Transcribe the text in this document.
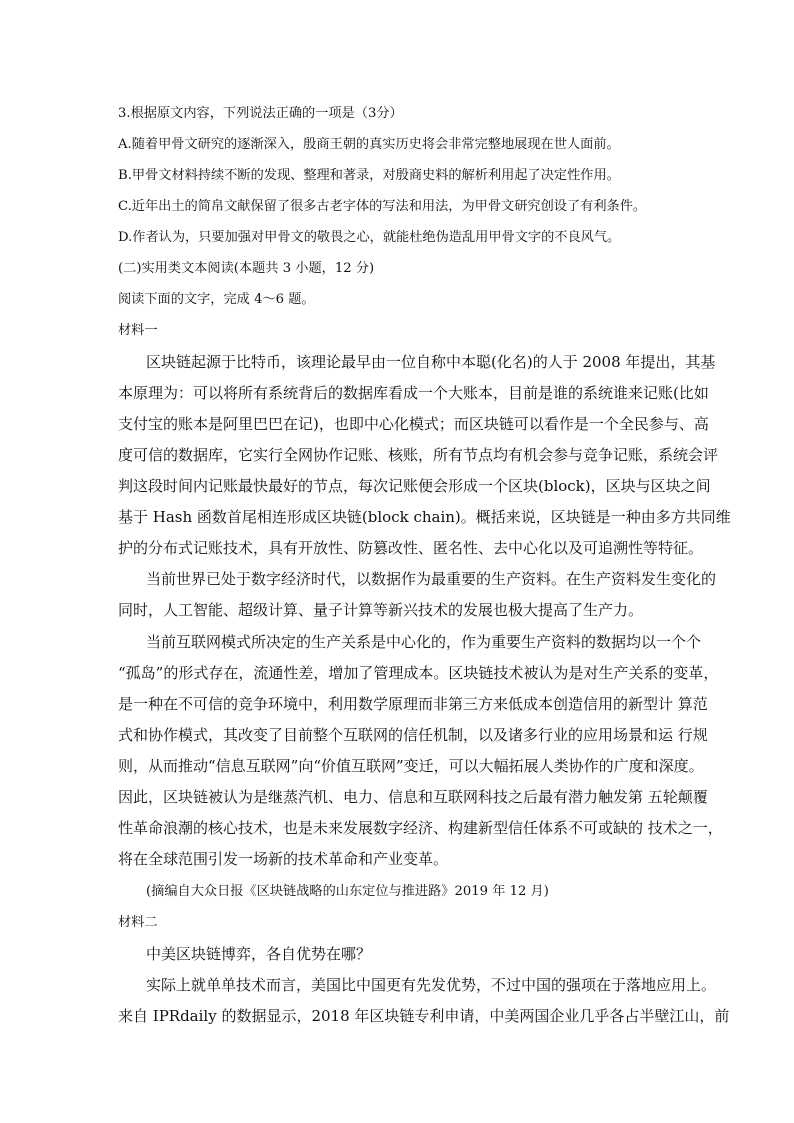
3.根据原文内容，下列说法正确的一项是（3分）
A.随着甲骨文研究的逐渐深入，殷商王朝的真实历史将会非常完整地展现在世人面前。
B.甲骨文材料持续不断的发现、整理和著录，对殷商史料的解析利用起了决定性作用。
C.近年出土的简帛文献保留了很多古老字体的写法和用法，为甲骨文研究创设了有利条件。
D.作者认为，只要加强对甲骨文的敬畏之心，就能杜绝伪造乱用甲骨文字的不良风气。
(二)实用类文本阅读(本题共 3 小题，12 分)
阅读下面的文字，完成 4～6 题。
材料一
区块链起源于比特币，该理论最早由一位自称中本聪(化名)的人于 2008 年提出，其基
本原理为：可以将所有系统背后的数据库看成一个大账本，目前是谁的系统谁来记账(比如
支付宝的账本是阿里巴巴在记)，也即中心化模式；而区块链可以看作是一个全民参与、高
度可信的数据库，它实行全网协作记账、核账，所有节点均有机会参与竞争记账，系统会评
判这段时间内记账最快最好的节点，每次记账便会形成一个区块(block)，区块与区块之间
基于 Hash 函数首尾相连形成区块链(block chain)。概括来说，区块链是一种由多方共同维
护的分布式记账技术，具有开放性、防篡改性、匿名性、去中心化以及可追溯性等特征。
当前世界已处于数字经济时代，以数据作为最重要的生产资料。在生产资料发生变化的
同时，人工智能、超级计算、量子计算等新兴技术的发展也极大提高了生产力。
当前互联网模式所决定的生产关系是中心化的，作为重要生产资料的数据均以一个个
“孤岛”的形式存在，流通性差，增加了管理成本。区块链技术被认为是对生产关系的变革，
是一种在不可信的竞争环境中，利用数学原理而非第三方来低成本创造信用的新型计 算范
式和协作模式，其改变了目前整个互联网的信任机制，以及诸多行业的应用场景和运 行规
则，从而推动“信息互联网”向“价值互联网”变迁，可以大幅拓展人类协作的广度和深度。
因此，区块链被认为是继蒸汽机、电力、信息和互联网科技之后最有潜力触发第 五轮颠覆
性革命浪潮的核心技术，也是未来发展数字经济、构建新型信任体系不可或缺的 技术之一，
将在全球范围引发一场新的技术革命和产业变革。
(摘编自大众日报《区块链战略的山东定位与推进路》2019 年 12 月)
材料二
中美区块链博弈，各自优势在哪？
实际上就单单技术而言，美国比中国更有先发优势，不过中国的强项在于落地应用上。
来自 IPRdaily 的数据显示，2018 年区块链专利申请，中美两国企业几乎各占半壁江山，前
